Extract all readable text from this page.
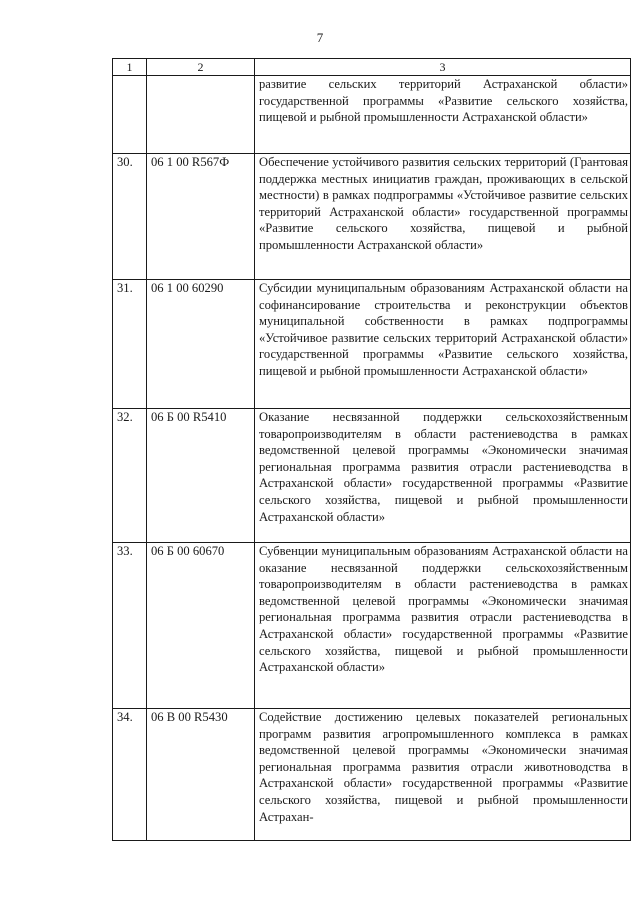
7
1	2	3
		развитие сельских территорий Астраханской области» государственной программы «Развитие сельского хозяйства, пищевой и рыбной промышленности Астраханской области»
30.	06 1 00 R567Ф	Обеспечение устойчивого развития сельских территорий (Грантовая поддержка местных инициатив граждан, проживающих в сельской местности) в рамках подпрограммы «Устойчивое развитие сельских территорий Астраханской области» государственной программы «Развитие сельского хозяйства, пищевой и рыбной промышленности Астраханской области»
31.	06 1 00 60290	Субсидии муниципальным образованиям Астраханской области на софинансирование строительства и реконструкции объектов муниципальной собственности в рамках подпрограммы «Устойчивое развитие сельских территорий Астраханской области» государственной программы «Развитие сельского хозяйства, пищевой и рыбной промышленности Астраханской области»
32.	06 Б 00 R5410	Оказание несвязанной поддержки сельскохозяйственным товаропроизводителям в области растениеводства в рамках ведомственной целевой программы «Экономически значимая региональная программа развития отрасли растениеводства в Астраханской области» государственной программы «Развитие сельского хозяйства, пищевой и рыбной промышленности Астраханской области»
33.	06 Б 00 60670	Субвенции муниципальным образованиям Астраханской области на оказание несвязанной поддержки сельскохозяйственным товаропроизводителям в области растениеводства в рамках ведомственной целевой программы «Экономически значимая региональная программа развития отрасли растениеводства в Астраханской области» государственной программы «Развитие сельского хозяйства, пищевой и рыбной промышленности Астраханской области»
34.	06 В 00 R5430	Содействие достижению целевых показателей региональных программ развития агропромышленного комплекса в рамках ведомственной целевой программы «Экономически значимая региональная программа развития отрасли животноводства в Астраханской области» государственной программы «Развитие сельского хозяйства, пищевой и рыбной промышленности Астрахан-
